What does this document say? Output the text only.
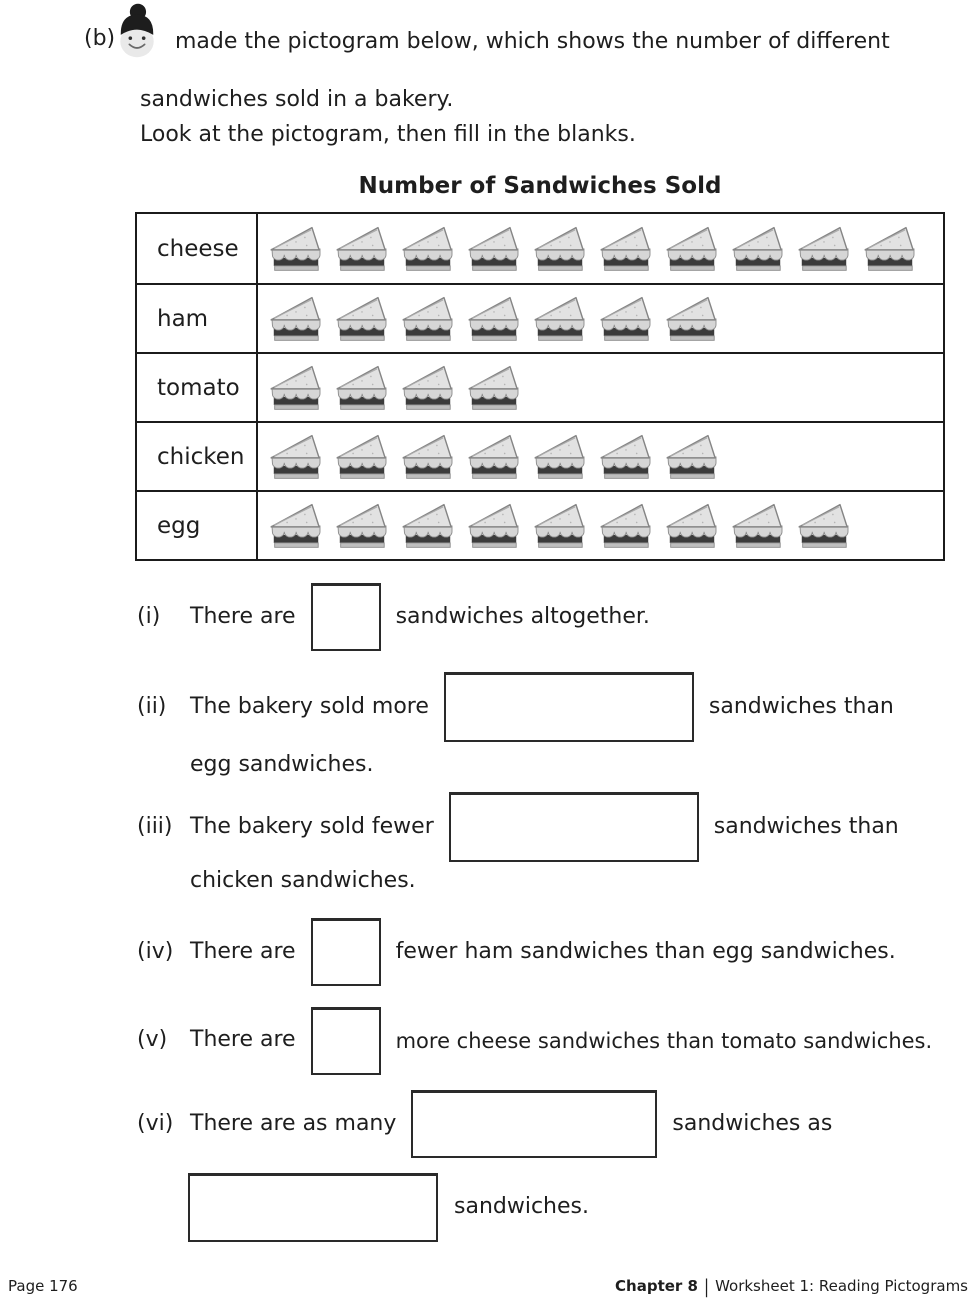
(b)	made the pictogram below, which shows the number of different
sandwiches sold in a bakery.
Look at the pictogram, then fill in the blanks.
Number of Sandwiches Sold
cheese
ham
tomato
chicken
egg
(i)	There are	sandwiches altogether.
(ii)	The bakery sold more	sandwiches than
egg sandwiches.
(iii) The bakery sold fewer	sandwiches than
chicken sandwiches.
(iv) There are	fewer ham sandwiches than egg sandwiches.
(v)	There are	more cheese sandwiches than tomato sandwiches.
(vi) There are as many	sandwiches as
sandwiches.
Page 176	Chapter 8 | Worksheet 1: Reading Pictograms
